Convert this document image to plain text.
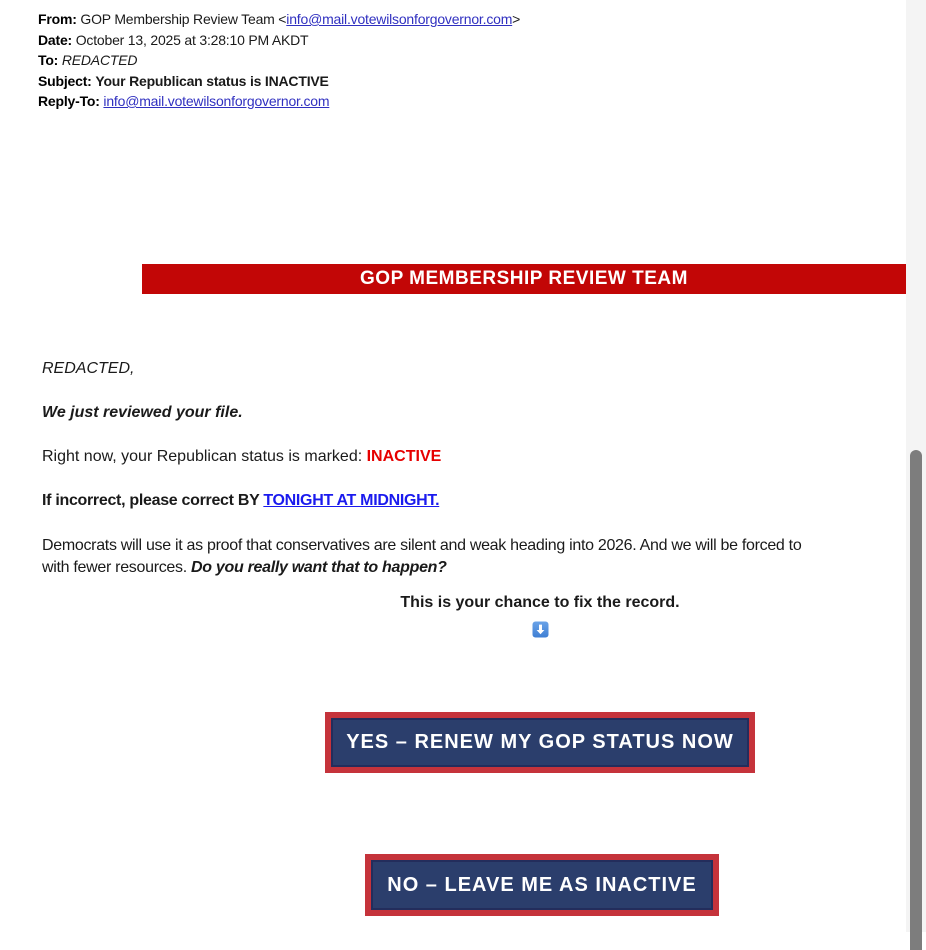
From: GOP Membership Review Team <info@mail.votewilsonforgovernor.com>
Date: October 13, 2025 at 3:28:10 PM AKDT
To: REDACTED
Subject: Your Republican status is INACTIVE
Reply-To: info@mail.votewilsonforgovernor.com
GOP MEMBERSHIP REVIEW TEAM
REDACTED,
We just reviewed your file.
Right now, your Republican status is marked: INACTIVE
If incorrect, please correct BY TONIGHT AT MIDNIGHT.
Democrats will use it as proof that conservatives are silent and weak heading into 2026. And we will be forced to
with fewer resources. Do you really want that to happen?
This is your chance to fix the record.
YES – RENEW MY GOP STATUS NOW
NO – LEAVE ME AS INACTIVE
